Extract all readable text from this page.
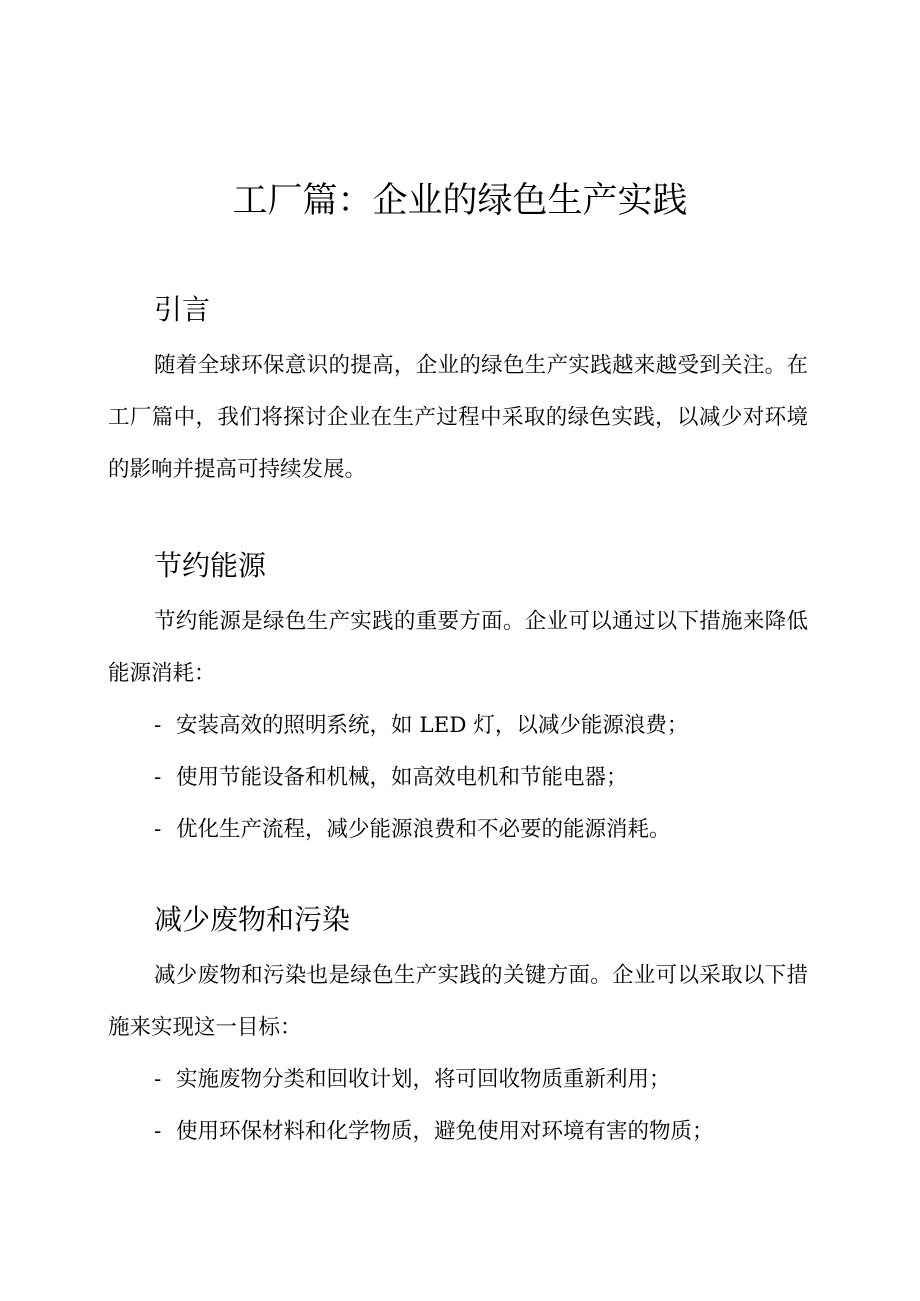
工厂篇：企业的绿色生产实践
引言

随着全球环保意识的提高，企业的绿色生产实践越来越受到关注。在工厂篇中，我们将探讨企业在生产过程中采取的绿色实践，以减少对环境的影响并提高可持续发展。

节约能源

节约能源是绿色生产实践的重要方面。企业可以通过以下措施来降低能源消耗：

- 安装高效的照明系统，如 LED 灯，以减少能源浪费；
- 使用节能设备和机械，如高效电机和节能电器；
- 优化生产流程，减少能源浪费和不必要的能源消耗。
减少废物和污染

减少废物和污染也是绿色生产实践的关键方面。企业可以采取以下措施来实现这一目标：

- 实施废物分类和回收计划，将可回收物质重新利用；
- 使用环保材料和化学物质，避免使用对环境有害的物质；
